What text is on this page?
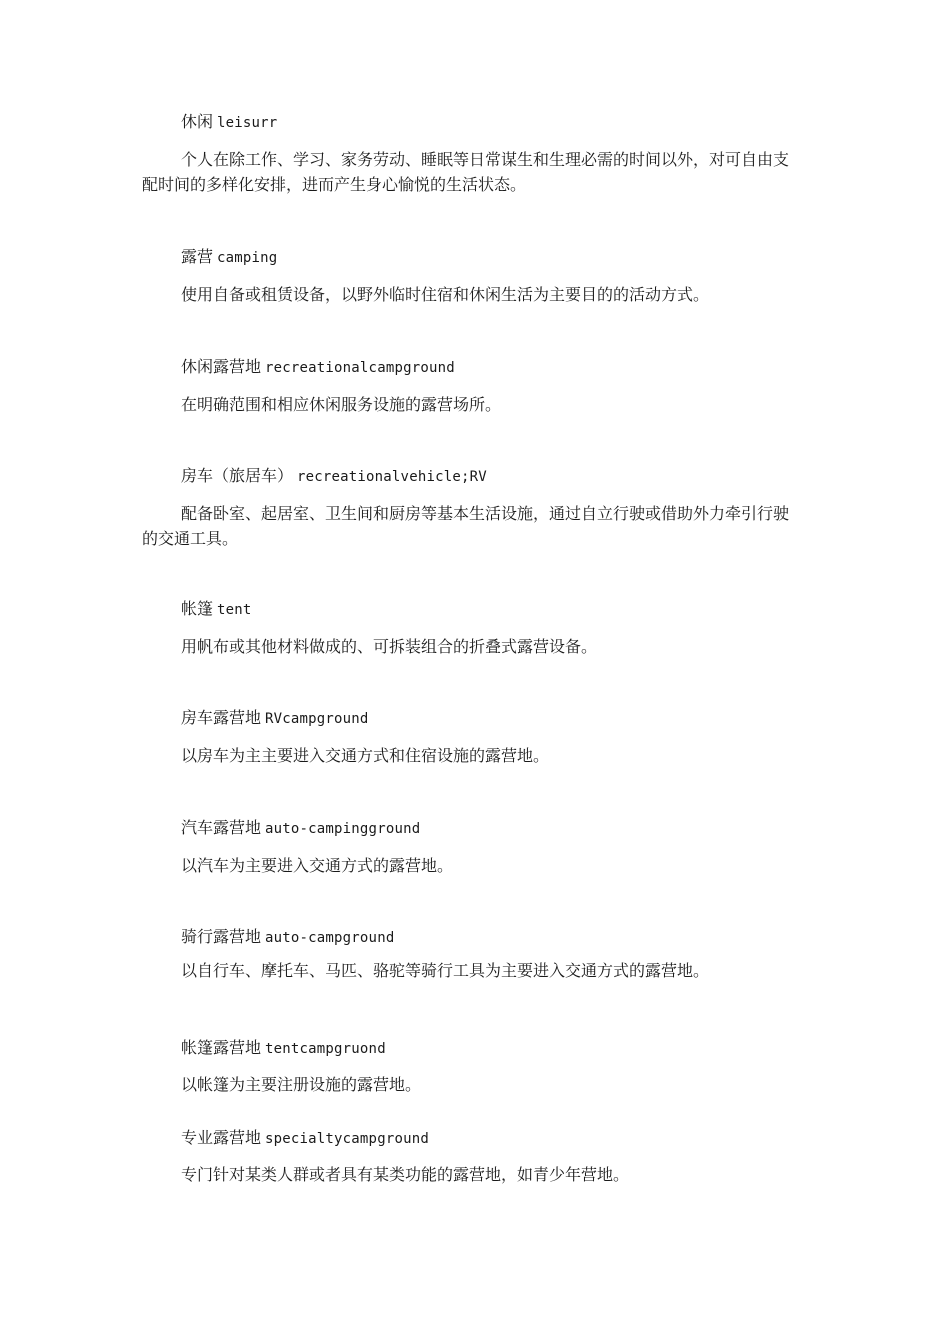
休闲 leisurr
个人在除工作、学习、家务劳动、睡眠等日常谋生和生理必需的时间以外，对可自由支配时间的多样化安排，进而产生身心愉悦的生活状态。
露营 camping
使用自备或租赁设备，以野外临时住宿和休闲生活为主要目的的活动方式。
休闲露营地 recreationalcampground
在明确范围和相应休闲服务设施的露营场所。
房车（旅居车） recreationalvehicle;RV
配备卧室、起居室、卫生间和厨房等基本生活设施，通过自立行驶或借助外力牵引行驶的交通工具。
帐篷 tent
用帆布或其他材料做成的、可拆装组合的折叠式露营设备。
房车露营地 RVcampground
以房车为主主要进入交通方式和住宿设施的露营地。
汽车露营地 auto-campingground
以汽车为主要进入交通方式的露营地。
骑行露营地 auto-campground
以自行车、摩托车、马匹、骆驼等骑行工具为主要进入交通方式的露营地。
帐篷露营地 tentcampgruond
以帐篷为主要注册设施的露营地。
专业露营地 specialtycampground
专门针对某类人群或者具有某类功能的露营地，如青少年营地。
